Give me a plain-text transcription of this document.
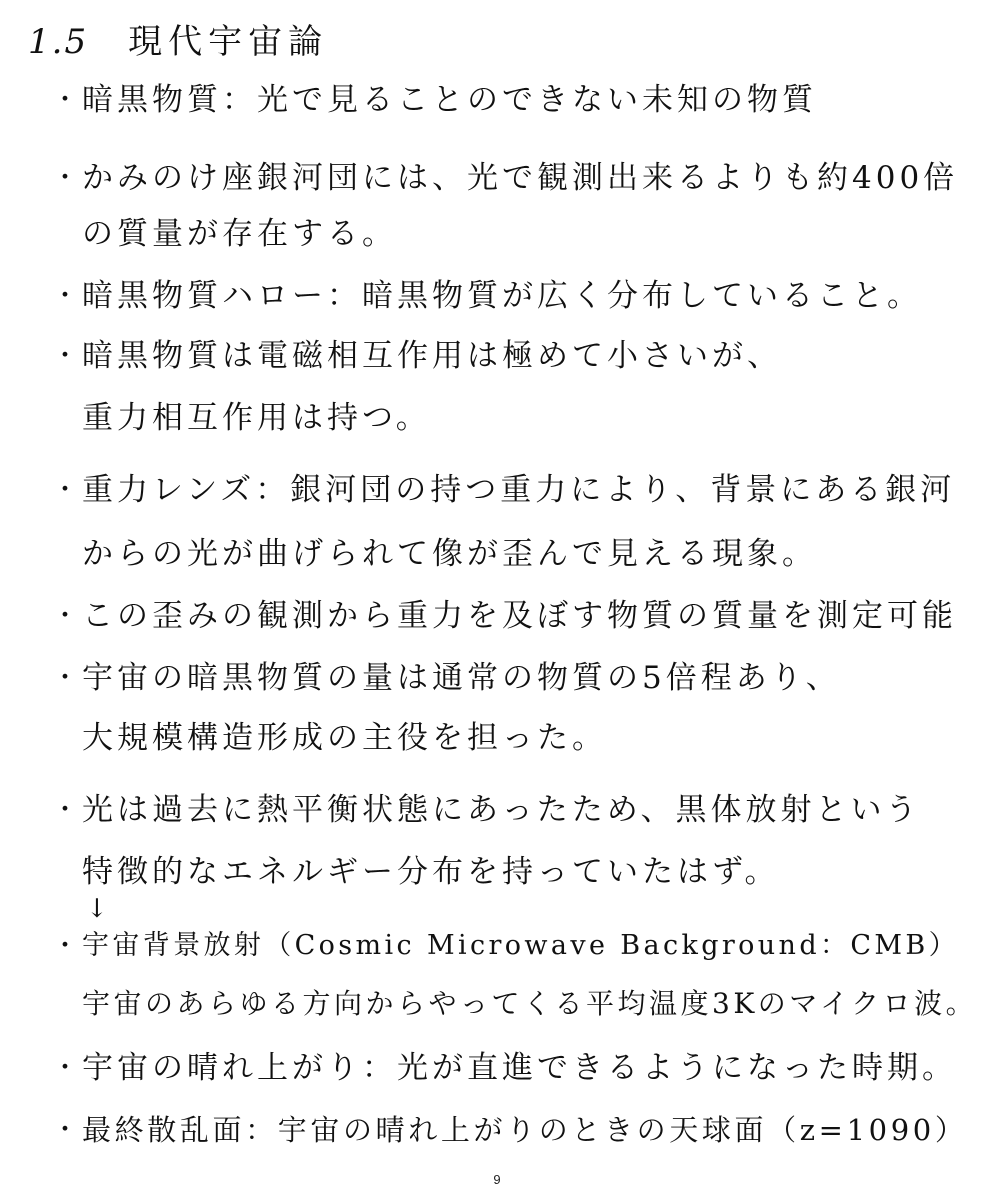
1.5 現代宇宙論
・ 暗黒物質：光で見ることのできない未知の物質
・ かみのけ座銀河団には、光で観測出来るよりも約400倍
の質量が存在する。
・ 暗黒物質ハロー：暗黒物質が広く分布していること。
・ 暗黒物質は電磁相互作用は極めて小さいが、
重力相互作用は持つ。
・ 重力レンズ：銀河団の持つ重力により、背景にある銀河
からの光が曲げられて像が歪んで見える現象。
・ この歪みの観測から重力を及ぼす物質の質量を測定可能
・ 宇宙の暗黒物質の量は通常の物質の5倍程あり、
大規模構造形成の主役を担った。
・ 光は過去に熱平衡状態にあったため、黒体放射という
特徴的なエネルギー分布を持っていたはず。
・ 宇宙背景放射（Cosmic Microwave Background：CMB）
宇宙のあらゆる方向からやってくる平均温度3Kのマイクロ波。
・ 宇宙の晴れ上がり：光が直進できるようになった時期。
・ 最終散乱面：宇宙の晴れ上がりのときの天球面（z=1090）
↓
9
